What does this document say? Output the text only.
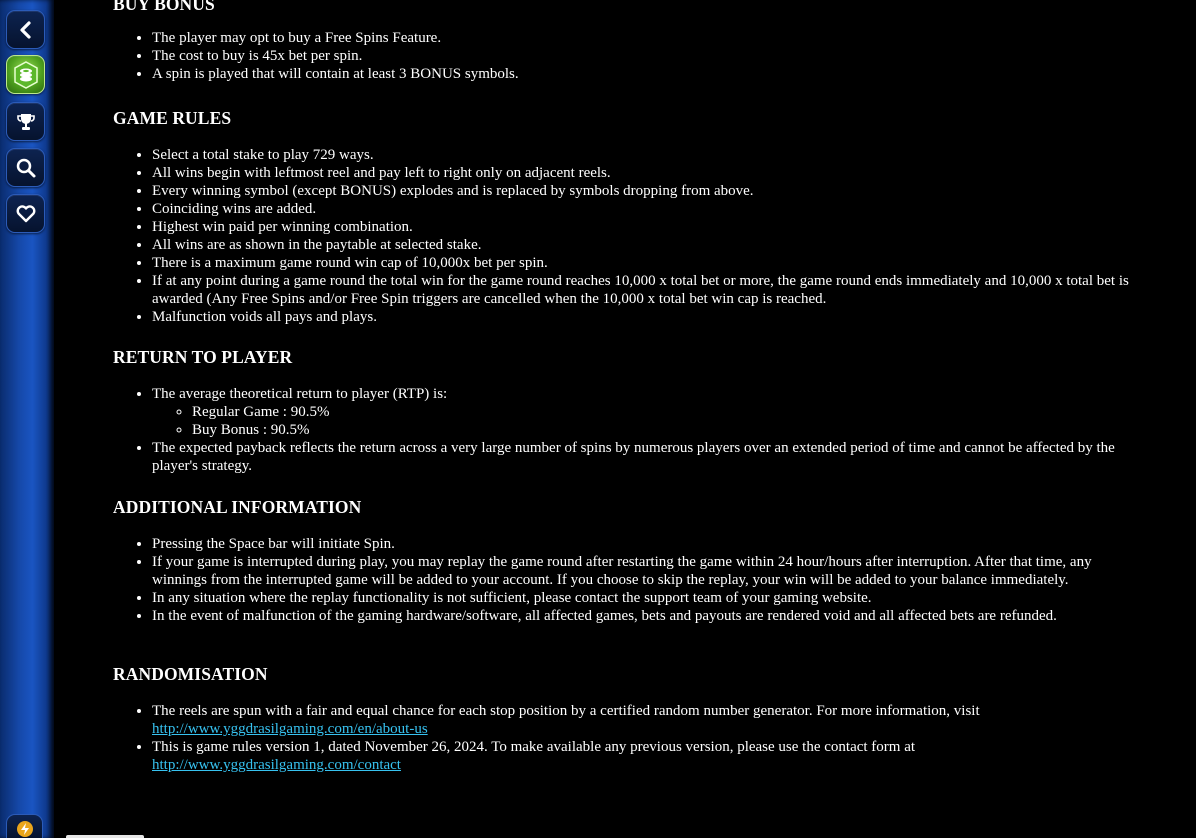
BUY BONUS
• The player may opt to buy a Free Spins Feature.
• The cost to buy is 45x bet per spin.
• A spin is played that will contain at least 3 BONUS symbols.
GAME RULES
• Select a total stake to play 729 ways.
• All wins begin with leftmost reel and pay left to right only on adjacent reels.
• Every winning symbol (except BONUS) explodes and is replaced by symbols dropping from above.
• Coinciding wins are added.
• Highest win paid per winning combination.
• All wins are as shown in the paytable at selected stake.
• There is a maximum game round win cap of 10,000x bet per spin.
• If at any point during a game round the total win for the game round reaches 10,000 x total bet or more, the game round ends immediately and 10,000 x total bet is awarded (Any Free Spins and/or Free Spin triggers are cancelled when the 10,000 x total bet win cap is reached.
• Malfunction voids all pays and plays.
RETURN TO PLAYER
• The average theoretical return to player (RTP) is:
◦ Regular Game : 90.5%
◦ Buy Bonus : 90.5%
• The expected payback reflects the return across a very large number of spins by numerous players over an extended period of time and cannot be affected by the player's strategy.
ADDITIONAL INFORMATION
• Pressing the Space bar will initiate Spin.
• If your game is interrupted during play, you may replay the game round after restarting the game within 24 hour/hours after interruption. After that time, any winnings from the interrupted game will be added to your account. If you choose to skip the replay, your win will be added to your balance immediately.
• In any situation where the replay functionality is not sufficient, please contact the support team of your gaming website.
• In the event of malfunction of the gaming hardware/software, all affected games, bets and payouts are rendered void and all affected bets are refunded.
RANDOMISATION
• The reels are spun with a fair and equal chance for each stop position by a certified random number generator. For more information, visit http://www.yggdrasilgaming.com/en/about-us
• This is game rules version 1, dated November 26, 2024. To make available any previous version, please use the contact form at http://www.yggdrasilgaming.com/contact
